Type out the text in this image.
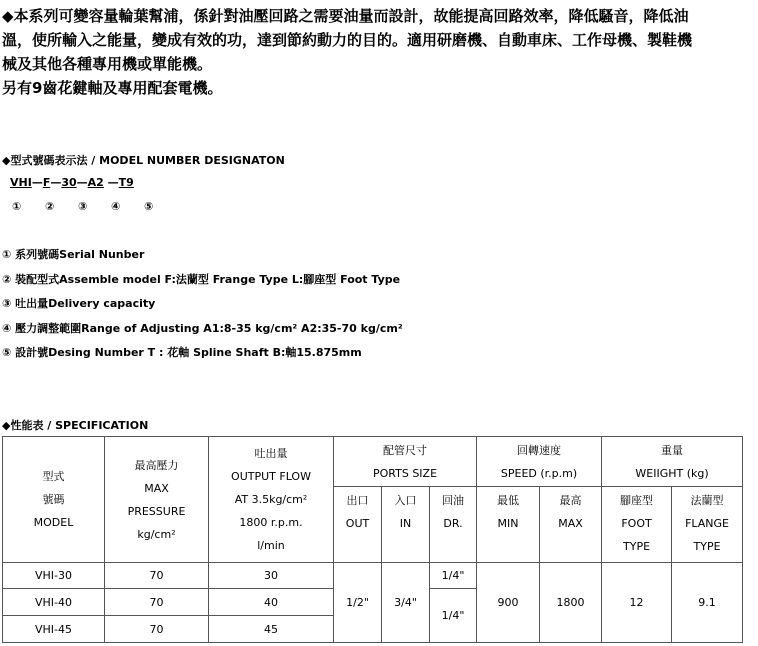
◆本系列可變容量輪葉幫浦，係針對油壓回路之需要油量而設計，故能提高回路效率，降低騷音，降低油
溫，使所輸入之能量，變成有效的功，達到節約動力的目的。適用研磨機、自動車床、工作母機、製鞋機
械及其他各種專用機或單能機。
另有9齒花鍵軸及專用配套電機。
◆型式號碼表示法 / MODEL NUMBER DESIGNATON
VHI—F—30—A2 —T9
① ② ③ ④ ⑤
① 系列號碼Serial Nunber
② 裝配型式Assemble model F:法蘭型 Frange Type L:腳座型 Foot Type
③ 吐出量Delivery capacity
④ 壓力調整範圍Range of Adjusting A1:8-35 kg/cm² A2:35-70 kg/cm²
⑤ 設計號Desing Number T : 花軸 Spline Shaft B:軸15.875mm
◆性能表 / SPECIFICATION
型式
號碼
MODEL	最高壓力
MAX
PRESSURE
kg/cm²	吐出量
OUTPUT FLOW
AT 3.5kg/cm²
1800 r.p.m.
l/min	配管尺寸
PORTS SIZE			回轉速度
SPEED (r.p.m)		重量
WEIIGHT (kg)	

			出口
OUT	入口
IN	回油
DR.	最低
MIN	最高
MAX	腳座型
FOOT
TYPE	法蘭型
FLANGE
TYPE

VHI-30	70	30	1/2"	3/4"	1/4"	900	1800	12	9.1
VHI-40	70	40			1/4"				
VHI-45	70	45							
